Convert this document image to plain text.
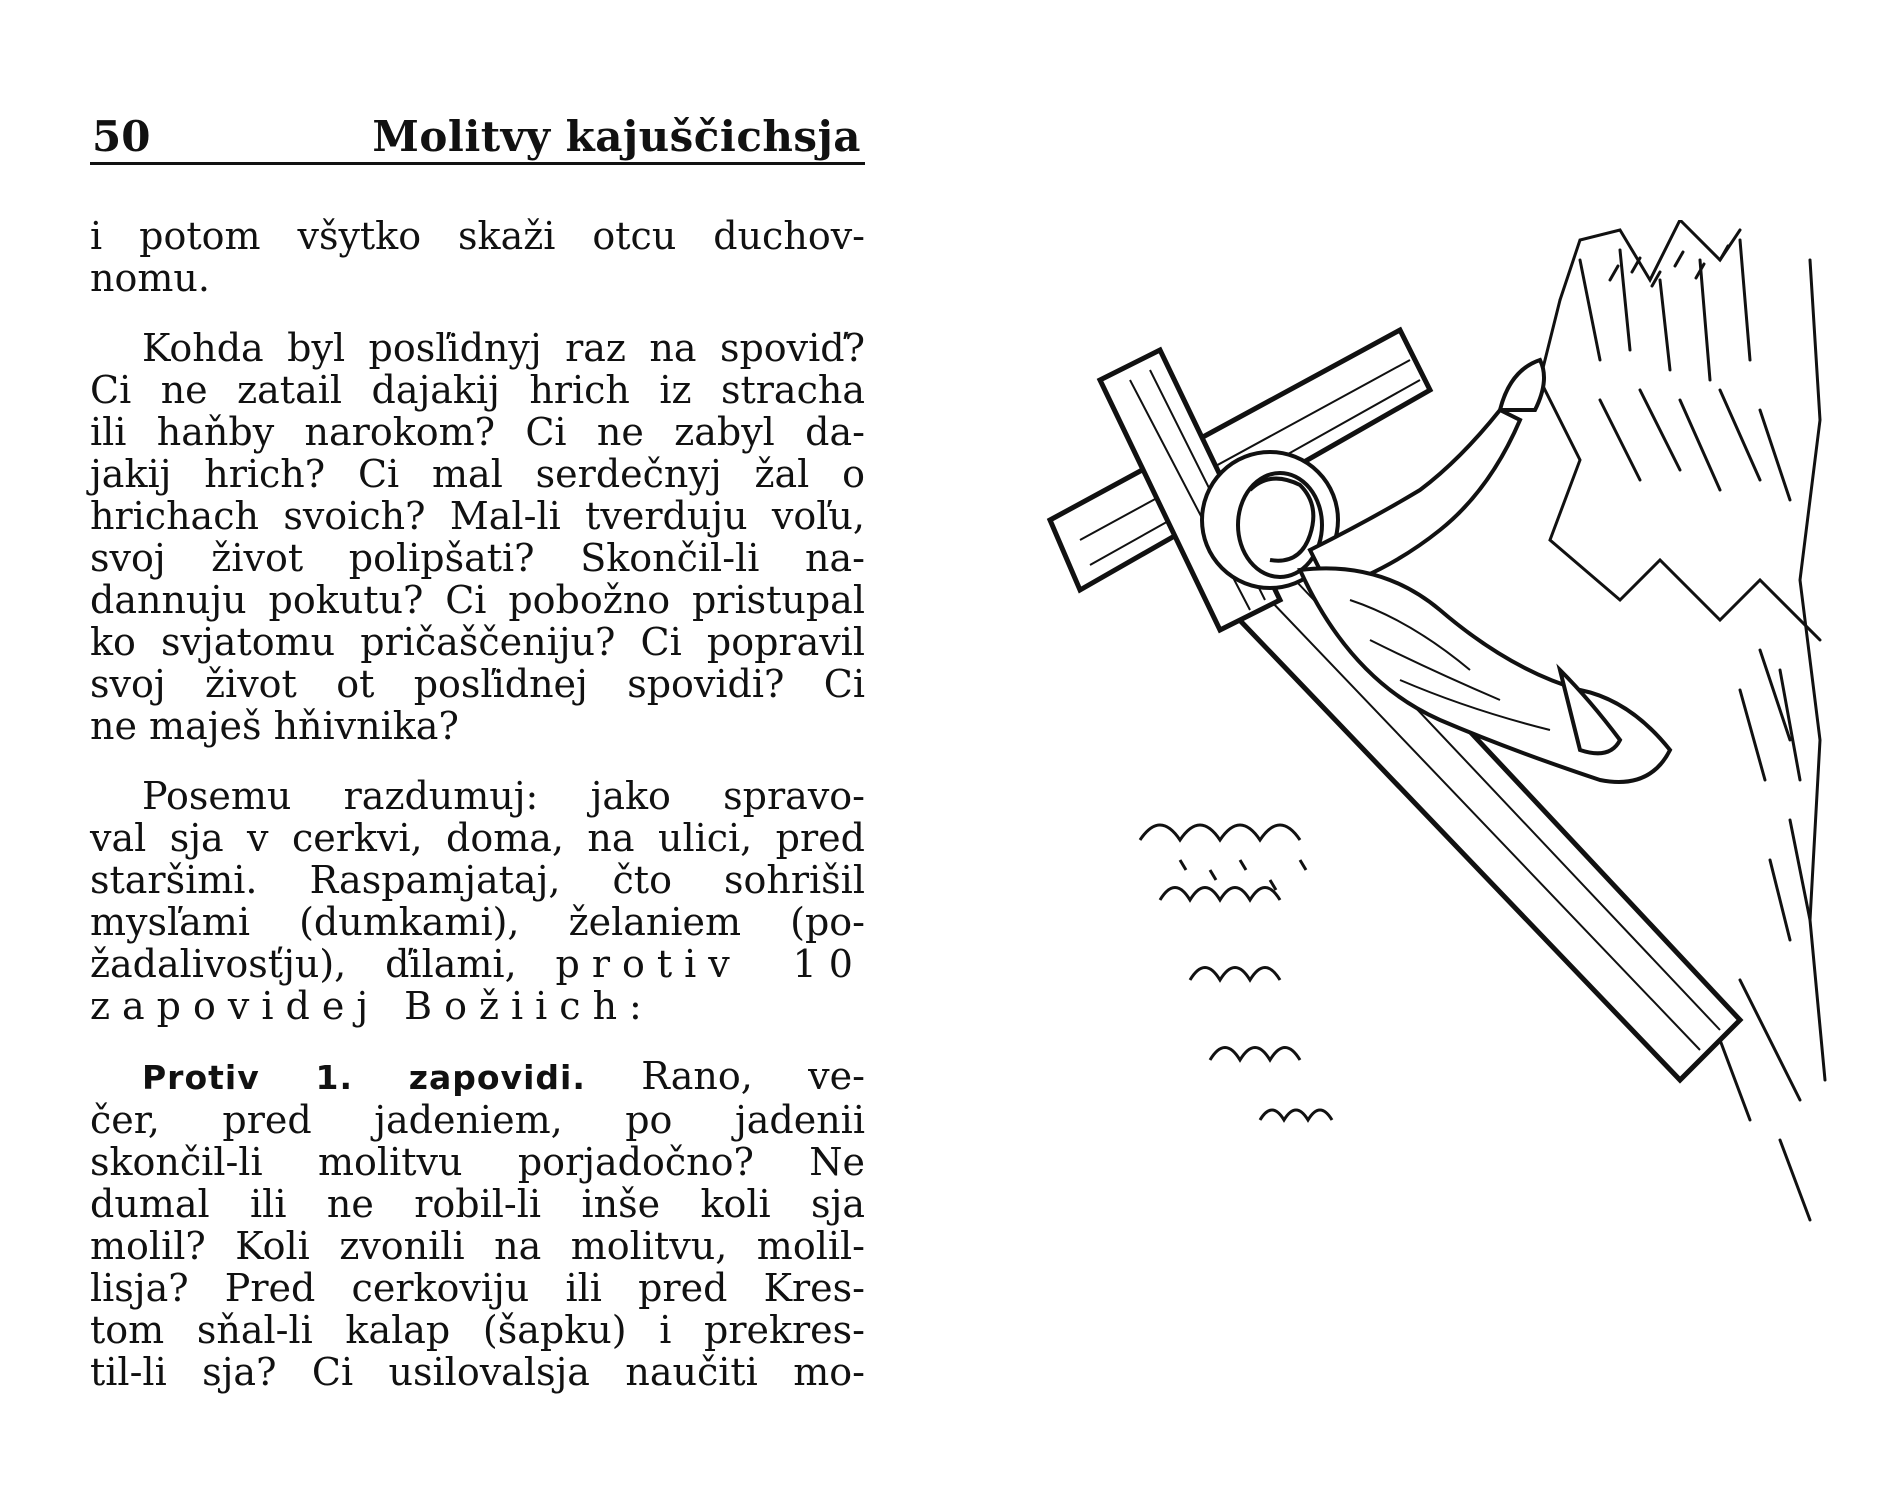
50	Molitvy kajuščichsja

i potom všytko skaži otcu duchov-
nomu.

Kohda byl posľidnyj raz na spoviď?
Ci ne zatail dajakij hrich iz stracha
ili haňby narokom? Ci ne zabyl da-
jakij hrich? Ci mal serdečnyj žal o
hrichach svoich? Mal-li tverduju voľu,
svoj život polipšati? Skončil-li na-
dannuju pokutu? Ci pobožno pristupal
ko svjatomu pričaščeniju? Ci popravil
svoj život ot posľidnej spovidi? Ci
ne maješ hňivnika?

Posemu razdumuj: jako spravo-
val sja v cerkvi, doma, na ulici, pred
staršimi. Raspamjataj, čto sohrišil
mysľami (dumkami), želaniem (po-
žadalivosťju), ďilami, protiv 10
zapovidej Božiich:

Protiv 1. zapovidi. Rano, ve-
čer, pred jadeniem, po jadenii
skončil-li molitvu porjadočno? Ne
dumal ili ne robil-li inše koli sja
molil? Koli zvonili na molitvu, molil-
lisja? Pred cerkoviju ili pred Kres-
tom sňal-li kalap (šapku) i prekres-
til-li sja? Ci usilovalsja naučiti mo-
